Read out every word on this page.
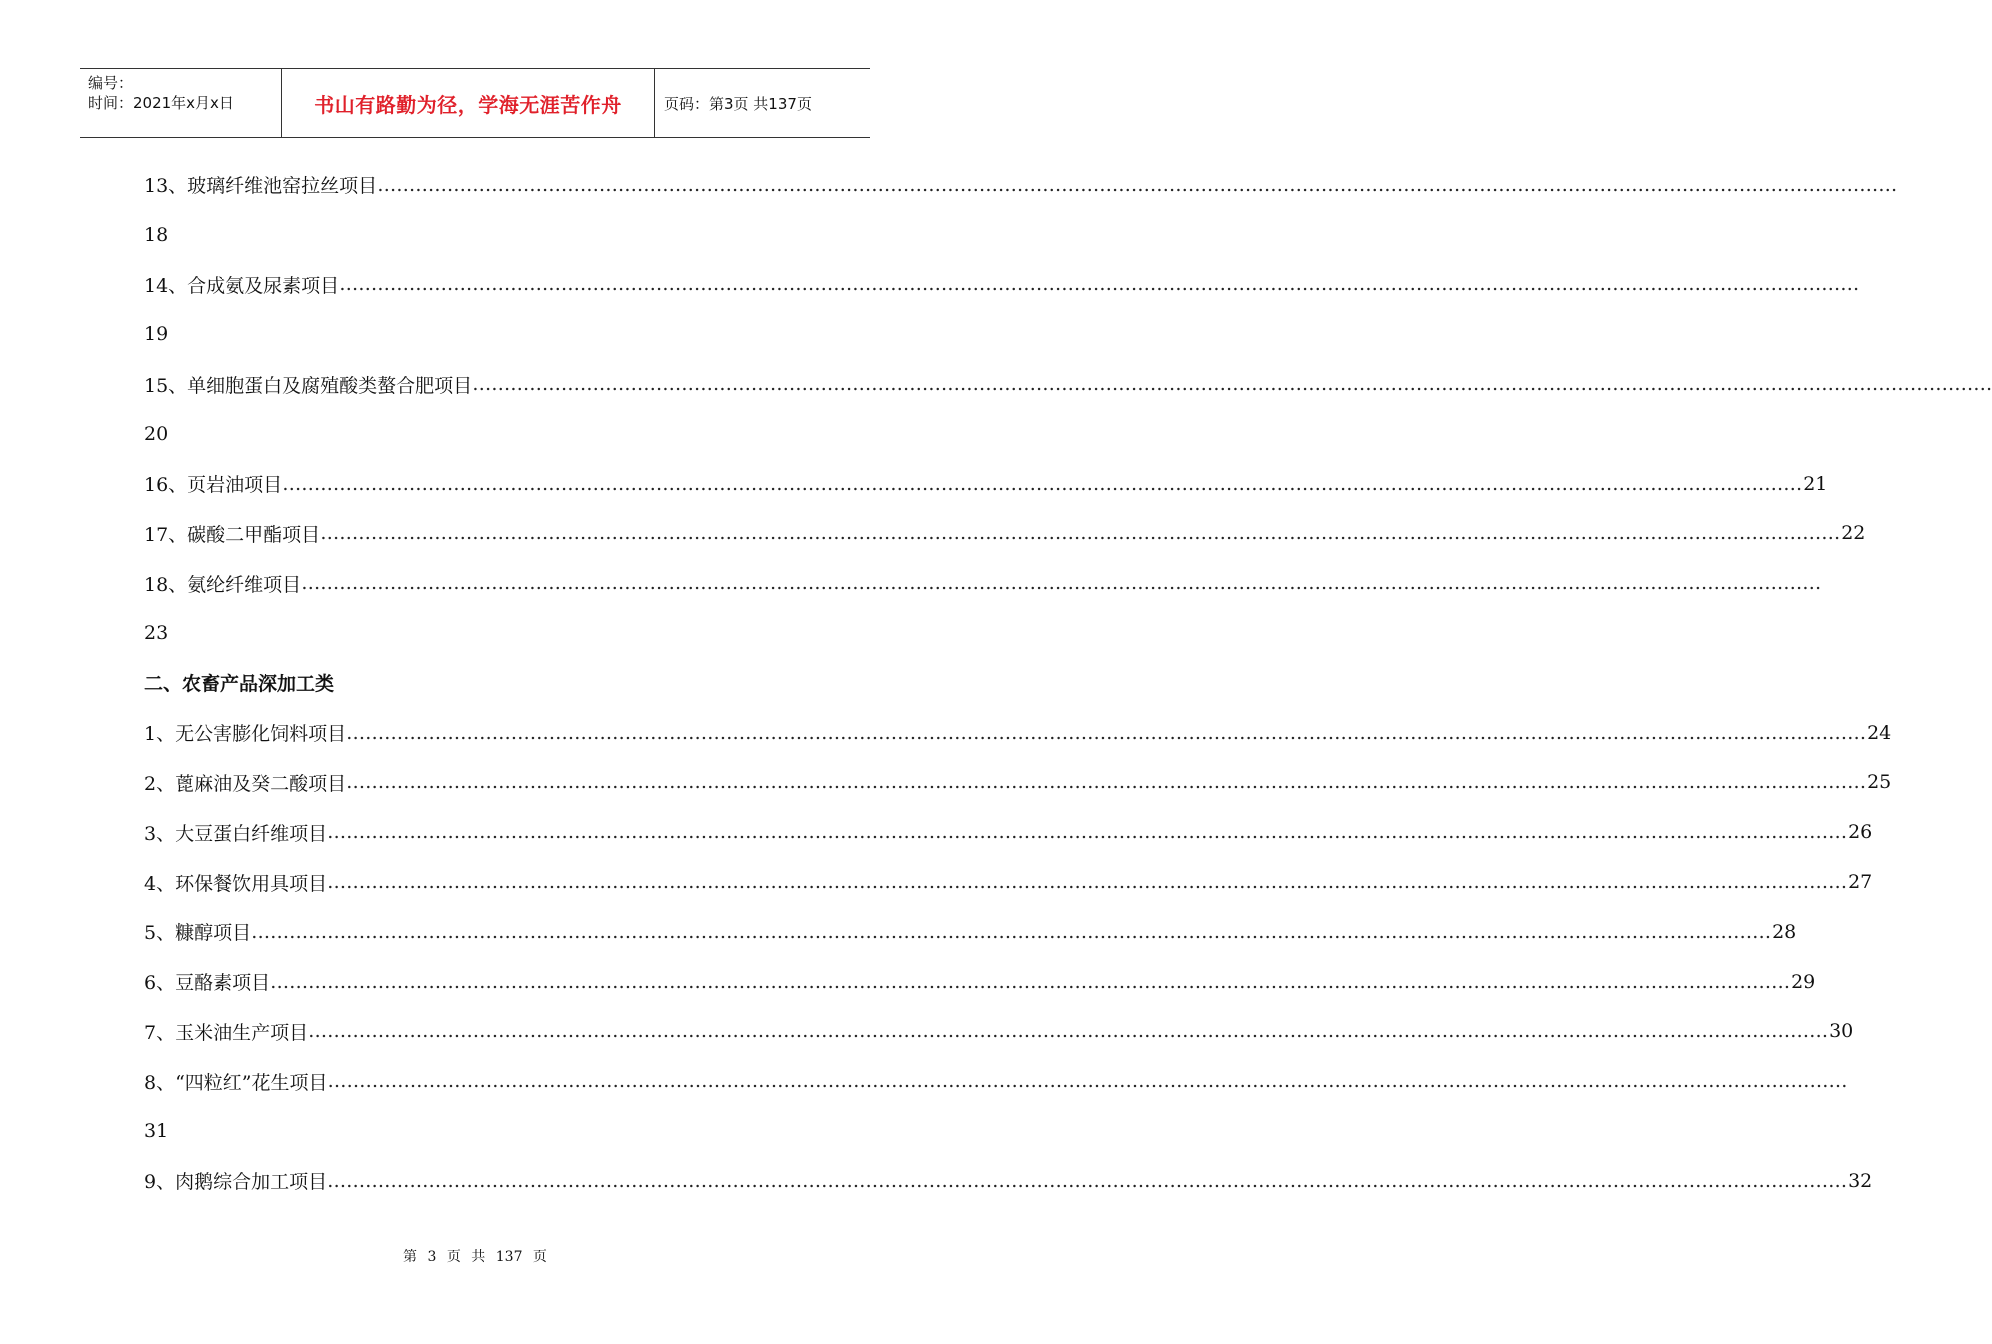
编号：
时间：2021年x月x日	书山有路勤为径，学海无涯苦作舟	页码：第3页 共137页
13、玻璃纤维池窑拉丝项目 ……………………………………………………………………………………………………………………………………………………………………………………………………………………
18
14、合成氨及尿素项目 ……………………………………………………………………………………………………………………………………………………………………………………………………………………
19
15、单细胞蛋白及腐殖酸类螯合肥项目 ……………………………………………………………………………………………………………………………………………………………………………………………………………………
20
16、页岩油项目 …………………………………………………………………………………………………………………………………………………………………………………………………………………… 21
17、碳酸二甲酯项目 …………………………………………………………………………………………………………………………………………………………………………………………………………………… 22
18、氨纶纤维项目 ……………………………………………………………………………………………………………………………………………………………………………………………………………………
23
二、农畜产品深加工类
1、无公害膨化饲料项目 …………………………………………………………………………………………………………………………………………………………………………………………………………………… 24
2、蓖麻油及癸二酸项目 …………………………………………………………………………………………………………………………………………………………………………………………………………………… 25
3、大豆蛋白纤维项目 …………………………………………………………………………………………………………………………………………………………………………………………………………………… 26
4、环保餐饮用具项目 …………………………………………………………………………………………………………………………………………………………………………………………………………………… 27
5、糠醇项目 …………………………………………………………………………………………………………………………………………………………………………………………………………………… 28
6、豆酪素项目 …………………………………………………………………………………………………………………………………………………………………………………………………………………… 29
7、玉米油生产项目 …………………………………………………………………………………………………………………………………………………………………………………………………………………… 30
8、“四粒红”花生项目 ……………………………………………………………………………………………………………………………………………………………………………………………………………………
31
9、肉鹅综合加工项目 …………………………………………………………………………………………………………………………………………………………………………………………………………………… 32
第 3 页 共 137 页
